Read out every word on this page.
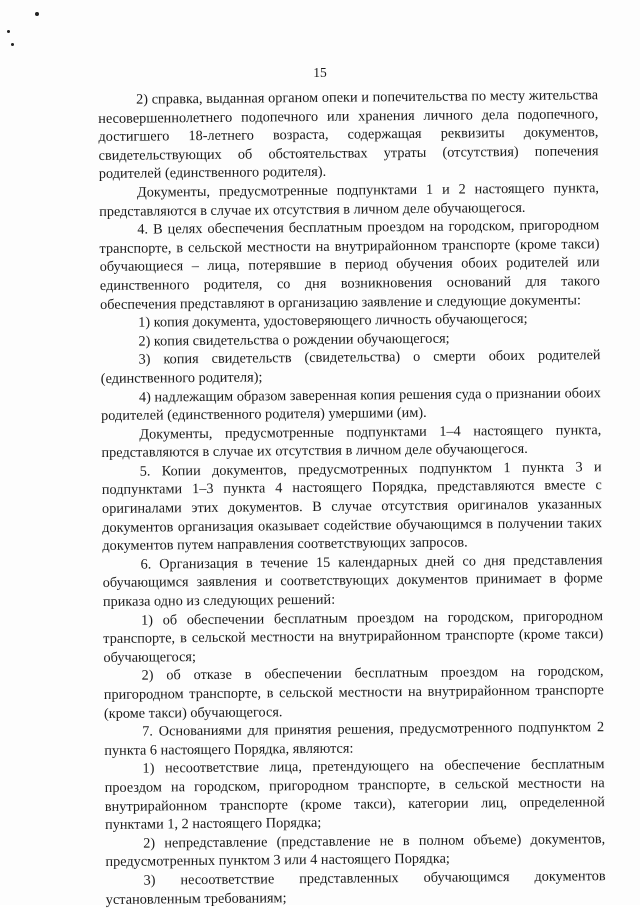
15

2) справка, выданная органом опеки и попечительства по месту жительства несовершеннолетнего подопечного или хранения личного дела подопечного, достигшего 18-летнего возраста, содержащая реквизиты документов, свидетельствующих об обстоятельствах утраты (отсутствия) попечения родителей (единственного родителя).

Документы, предусмотренные подпунктами 1 и 2 настоящего пункта, представляются в случае их отсутствия в личном деле обучающегося.

4. В целях обеспечения бесплатным проездом на городском, пригородном транспорте, в сельской местности на внутрирайонном транспорте (кроме такси) обучающиеся – лица, потерявшие в период обучения обоих родителей или единственного родителя, со дня возникновения оснований для такого обеспечения представляют в организацию заявление и следующие документы:

1) копия документа, удостоверяющего личность обучающегося;

2) копия свидетельства о рождении обучающегося;

3) копия свидетельств (свидетельства) о смерти обоих родителей (единственного родителя);

4) надлежащим образом заверенная копия решения суда о признании обоих родителей (единственного родителя) умершими (им).

Документы, предусмотренные подпунктами 1–4 настоящего пункта, представляются в случае их отсутствия в личном деле обучающегося.

5. Копии документов, предусмотренных подпунктом 1 пункта 3 и подпунктами 1–3 пункта 4 настоящего Порядка, представляются вместе с оригиналами этих документов. В случае отсутствия оригиналов указанных документов организация оказывает содействие обучающимся в получении таких документов путем направления соответствующих запросов.

6. Организация в течение 15 календарных дней со дня представления обучающимся заявления и соответствующих документов принимает в форме приказа одно из следующих решений:

1) об обеспечении бесплатным проездом на городском, пригородном транспорте, в сельской местности на внутрирайонном транспорте (кроме такси) обучающегося;

2) об отказе в обеспечении бесплатным проездом на городском, пригородном транспорте, в сельской местности на внутрирайонном транспорте (кроме такси) обучающегося.

7. Основаниями для принятия решения, предусмотренного подпунктом 2 пункта 6 настоящего Порядка, являются:

1) несоответствие лица, претендующего на обеспечение бесплатным проездом на городском, пригородном транспорте, в сельской местности на внутрирайонном транспорте (кроме такси), категории лиц, определенной пунктами 1, 2 настоящего Порядка;

2) непредставление (представление не в полном объеме) документов, предусмотренных пунктом 3 или 4 настоящего Порядка;

3) несоответствие представленных обучающимся документов установленным требованиям;
